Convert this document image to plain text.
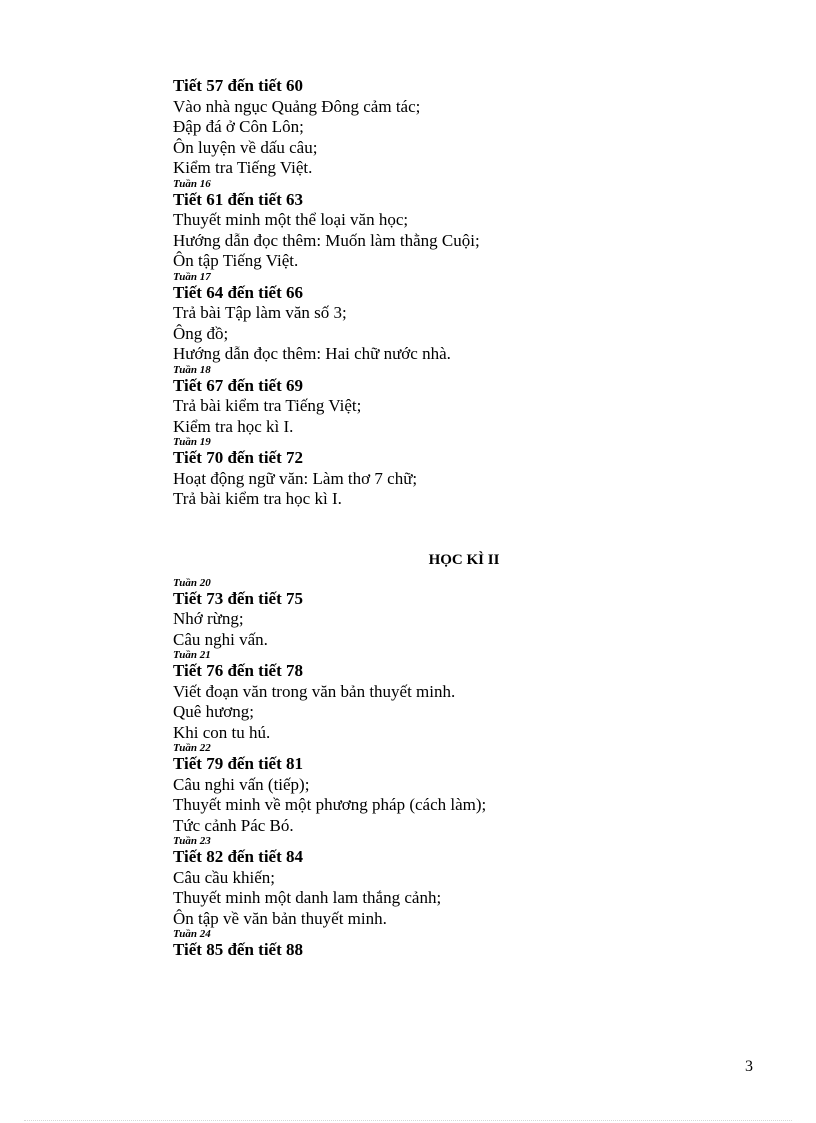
Tiết 57 đến tiết 60
Vào nhà ngục Quảng Đông cảm tác;
Đập đá ở Côn Lôn;
Ôn luyện về dấu câu;
Kiểm tra Tiếng Việt.
Tuần 16
Tiết 61 đến tiết 63
Thuyết minh một thể loại văn học;
Hướng dẫn đọc thêm: Muốn làm thằng Cuội;
Ôn tập Tiếng Việt.
Tuần 17
Tiết 64 đến tiết 66
Trả bài Tập làm văn số 3;
Ông đồ;
Hướng dẫn đọc thêm: Hai chữ nước nhà.
Tuần 18
Tiết 67 đến tiết 69
Trả bài kiểm tra Tiếng Việt;
Kiểm tra học kì I.
Tuần 19
Tiết 70 đến tiết 72
Hoạt động ngữ văn: Làm thơ 7 chữ;
Trả bài kiểm tra học kì I.
HỌC KÌ II
Tuần 20
Tiết 73 đến tiết 75
Nhớ rừng;
Câu nghi vấn.
Tuần 21
Tiết 76 đến tiết 78
Viết đoạn văn trong văn bản thuyết minh.
Quê hương;
Khi con tu hú.
Tuần 22
Tiết 79 đến tiết 81
Câu nghi vấn (tiếp);
Thuyết minh về một phương pháp (cách làm);
Tức cảnh Pác Bó.
Tuần 23
Tiết 82 đến tiết 84
Câu cầu khiến;
Thuyết minh một danh lam thắng cảnh;
Ôn tập về văn bản thuyết minh.
Tuần 24
Tiết 85 đến tiết 88
3
